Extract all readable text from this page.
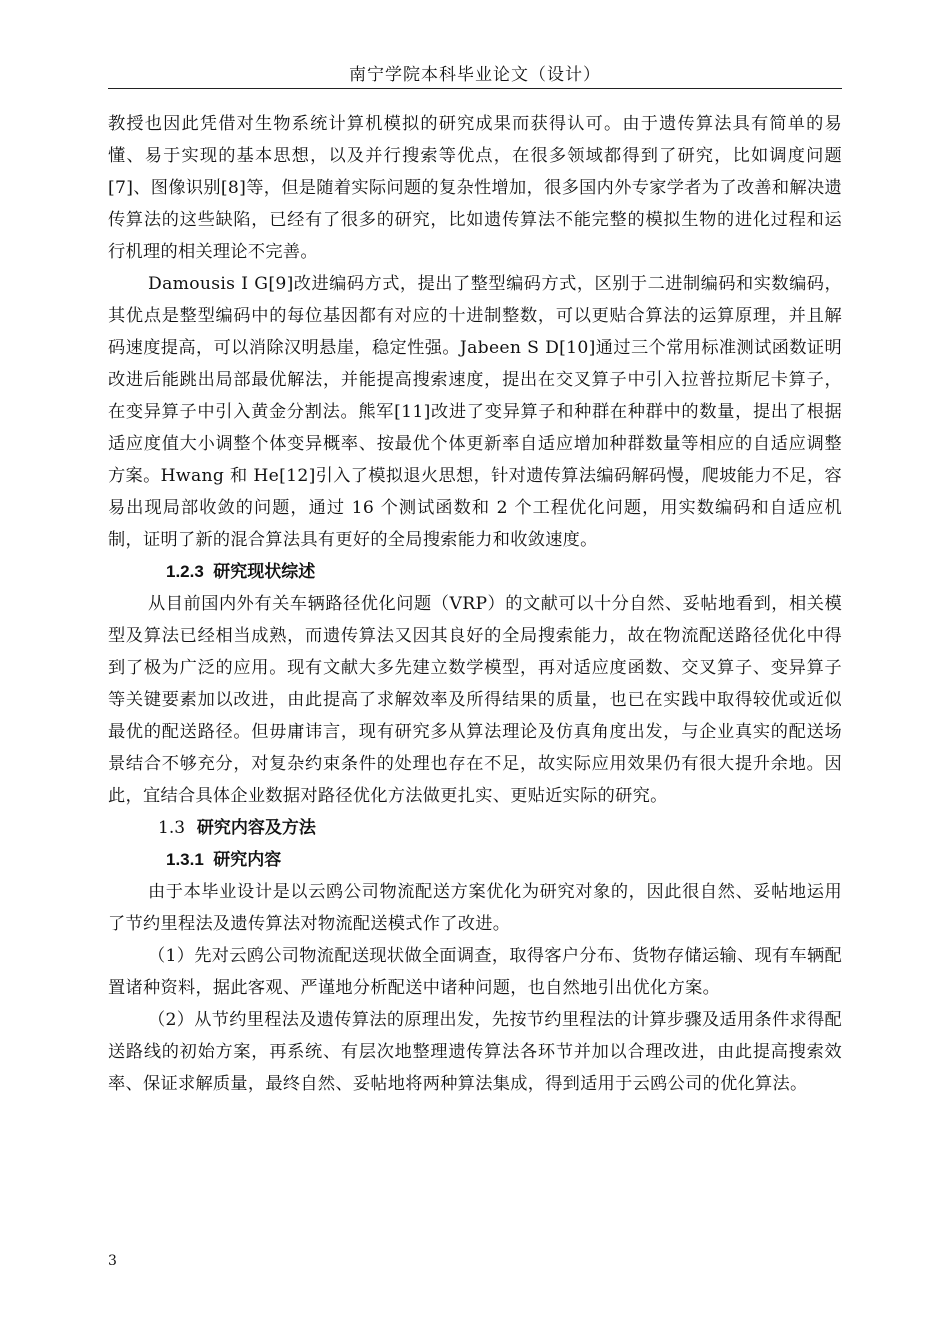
南宁学院本科毕业论文（设计）

教授也因此凭借对生物系统计算机模拟的研究成果而获得认可。由于遗传算法具有简单的易懂、易于实现的基本思想，以及并行搜索等优点，在很多领域都得到了研究，比如调度问题[7]、图像识别[8]等，但是随着实际问题的复杂性增加，很多国内外专家学者为了改善和解决遗传算法的这些缺陷，已经有了很多的研究，比如遗传算法不能完整的模拟生物的进化过程和运行机理的相关理论不完善。

Damousis I G[9]改进编码方式，提出了整型编码方式，区别于二进制编码和实数编码，其优点是整型编码中的每位基因都有对应的十进制整数，可以更贴合算法的运算原理，并且解码速度提高，可以消除汉明悬崖，稳定性强。Jabeen S D[10]通过三个常用标准测试函数证明改进后能跳出局部最优解法，并能提高搜索速度，提出在交叉算子中引入拉普拉斯尼卡算子，在变异算子中引入黄金分割法。熊军[11]改进了变异算子和种群在种群中的数量，提出了根据适应度值大小调整个体变异概率、按最优个体更新率自适应增加种群数量等相应的自适应调整方案。Hwang 和 He[12]引入了模拟退火思想，针对遗传算法编码解码慢，爬坡能力不足，容易出现局部收敛的问题，通过 16 个测试函数和 2 个工程优化问题，用实数编码和自适应机制，证明了新的混合算法具有更好的全局搜索能力和收敛速度。

1.2.3 研究现状综述

从目前国内外有关车辆路径优化问题（VRP）的文献可以十分自然、妥帖地看到，相关模型及算法已经相当成熟，而遗传算法又因其良好的全局搜索能力，故在物流配送路径优化中得到了极为广泛的应用。现有文献大多先建立数学模型，再对适应度函数、交叉算子、变异算子等关键要素加以改进，由此提高了求解效率及所得结果的质量，也已在实践中取得较优或近似最优的配送路径。但毋庸讳言，现有研究多从算法理论及仿真角度出发，与企业真实的配送场景结合不够充分，对复杂约束条件的处理也存在不足，故实际应用效果仍有很大提升余地。因此，宜结合具体企业数据对路径优化方法做更扎实、更贴近实际的研究。

1.3 研究内容及方法
1.3.1 研究内容

由于本毕业设计是以云鸥公司物流配送方案优化为研究对象的，因此很自然、妥帖地运用了节约里程法及遗传算法对物流配送模式作了改进。

（1）先对云鸥公司物流配送现状做全面调查，取得客户分布、货物存储运输、现有车辆配置诸种资料，据此客观、严谨地分析配送中诸种问题，也自然地引出优化方案。

（2）从节约里程法及遗传算法的原理出发，先按节约里程法的计算步骤及适用条件求得配送路线的初始方案，再系统、有层次地整理遗传算法各环节并加以合理改进，由此提高搜索效率、保证求解质量，最终自然、妥帖地将两种算法集成，得到适用于云鸥公司的优化算法。

3
